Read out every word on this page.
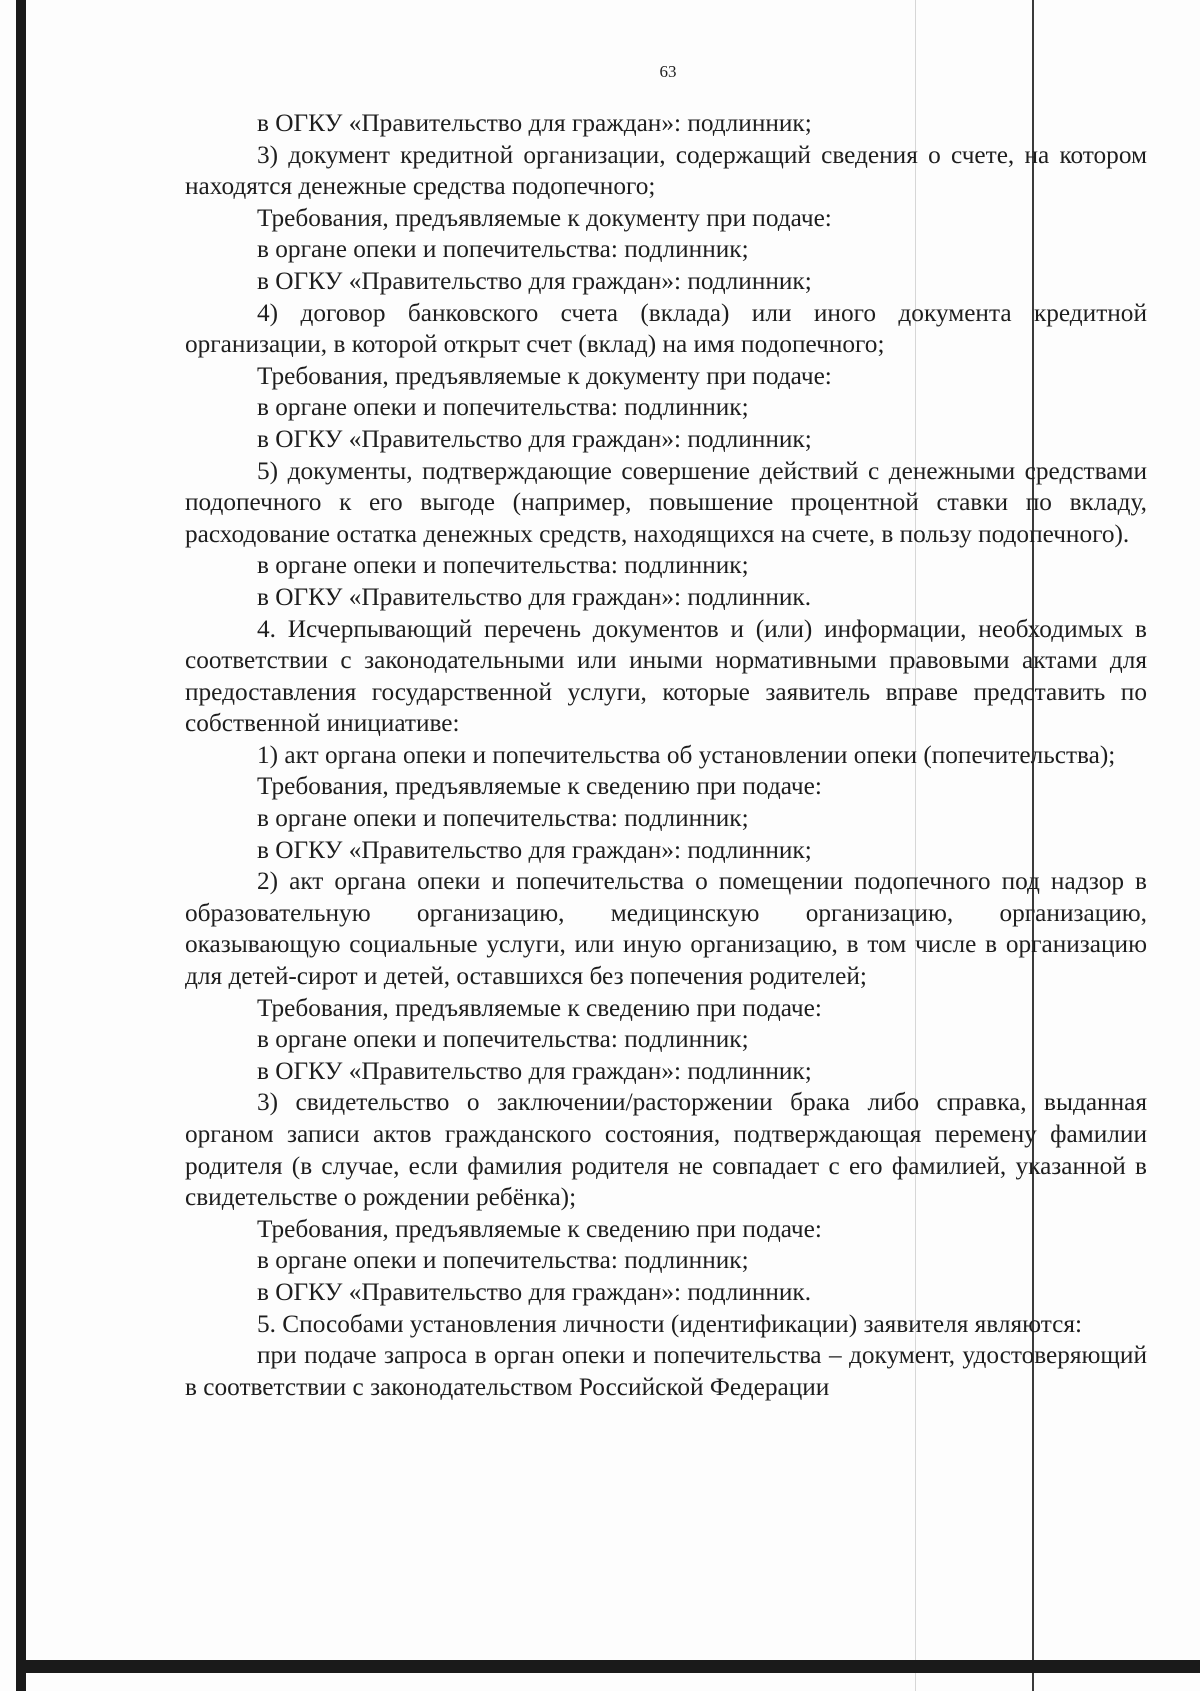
63

в ОГКУ «Правительство для граждан»: подлинник;

3) документ кредитной организации, содержащий сведения о счете, на котором находятся денежные средства подопечного;

Требования, предъявляемые к документу при подаче:

в органе опеки и попечительства: подлинник;

в ОГКУ «Правительство для граждан»: подлинник;

4) договор банковского счета (вклада) или иного документа кредитной организации, в которой открыт счет (вклад) на имя подопечного;

Требования, предъявляемые к документу при подаче:

в органе опеки и попечительства: подлинник;

в ОГКУ «Правительство для граждан»: подлинник;

5) документы, подтверждающие совершение действий с денежными средствами подопечного к его выгоде (например, повышение процентной ставки по вкладу, расходование остатка денежных средств, находящихся на счете, в пользу подопечного).

в органе опеки и попечительства: подлинник;

в ОГКУ «Правительство для граждан»: подлинник.

4. Исчерпывающий перечень документов и (или) информации, необходимых в соответствии с законодательными или иными нормативными правовыми актами для предоставления государственной услуги, которые заявитель вправе представить по собственной инициативе:

1) акт органа опеки и попечительства об установлении опеки (попечительства);

Требования, предъявляемые к сведению при подаче:

в органе опеки и попечительства: подлинник;

в ОГКУ «Правительство для граждан»: подлинник;

2) акт органа опеки и попечительства о помещении подопечного под надзор в образовательную организацию, медицинскую организацию, организацию, оказывающую социальные услуги, или иную организацию, в том числе в организацию для детей-сирот и детей, оставшихся без попечения родителей;

Требования, предъявляемые к сведению при подаче:

в органе опеки и попечительства: подлинник;

в ОГКУ «Правительство для граждан»: подлинник;

3) свидетельство о заключении/расторжении брака либо справка, выданная органом записи актов гражданского состояния, подтверждающая перемену фамилии родителя (в случае, если фамилия родителя не совпадает с его фамилией, указанной в свидетельстве о рождении ребёнка);

Требования, предъявляемые к сведению при подаче:

в органе опеки и попечительства: подлинник;

в ОГКУ «Правительство для граждан»: подлинник.

5. Способами установления личности (идентификации) заявителя являются:

при подаче запроса в орган опеки и попечительства – документ, удостоверяющий в соответствии с законодательством Российской Федерации
